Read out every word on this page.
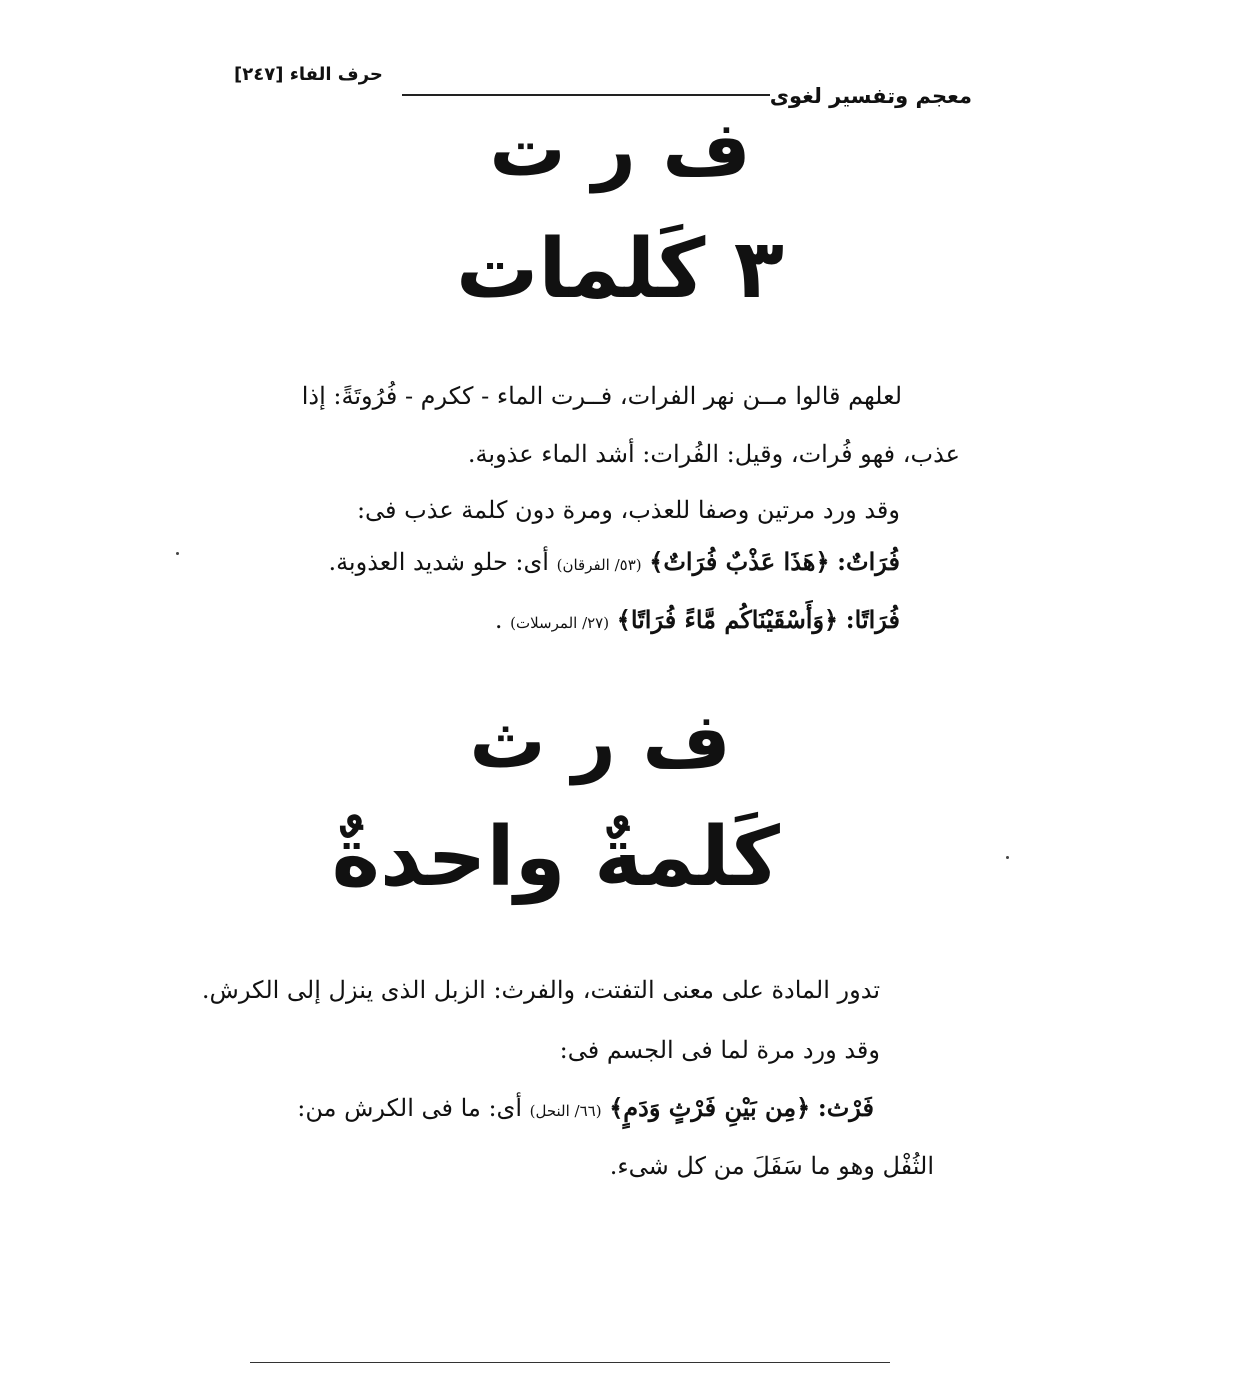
معجم وتفسير لغوى
حرف الفاء [٢٤٧]
ف ر ت
٣ كَلمات
لعلهم قالوا مــن نهر الفرات، فــرت الماء - ككرم - فُرُوتَةً: إذا
عذب، فهو فُرات، وقيل: الفُرات: أشد الماء عذوبة.
وقد ورد مرتين وصفا للعذب، ومرة دون كلمة عذب فى:
فُرَاتٌ: ﴿هَذَا عَذْبٌ فُرَاتٌ﴾ (٥٣/ الفرقان) أى: حلو شديد العذوبة.
فُرَاتًا: ﴿وَأَسْقَيْنَاكُم مَّاءً فُرَاتًا﴾ (٢٧/ المرسلات) .
ف ر ث
كَلمةٌ واحدةٌ
تدور المادة على معنى التفتت، والفرث: الزبل الذى ينزل إلى الكرش.
وقد ورد مرة لما فى الجسم فى:
فَرْث: ﴿مِن بَيْنِ فَرْثٍ وَدَمٍ﴾ (٦٦/ النحل) أى: ما فى الكرش من:
الثُفْل وهو ما سَفَلَ من كل شىء.
